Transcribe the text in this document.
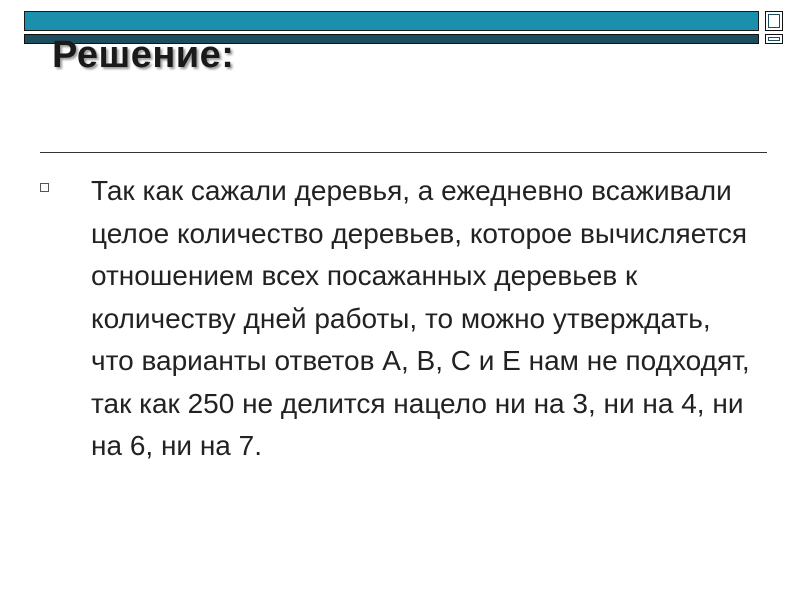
Решение:

Так как сажали деревья, а ежедневно всаживали целое количество деревьев, которое вычисляется отношением всех посажанных деревьев к количеству дней работы, то можно утверждать, что варианты ответов A, B, C и E нам не подходят, так как 250 не делится нацело ни на 3, ни на 4, ни на 6, ни на 7.
